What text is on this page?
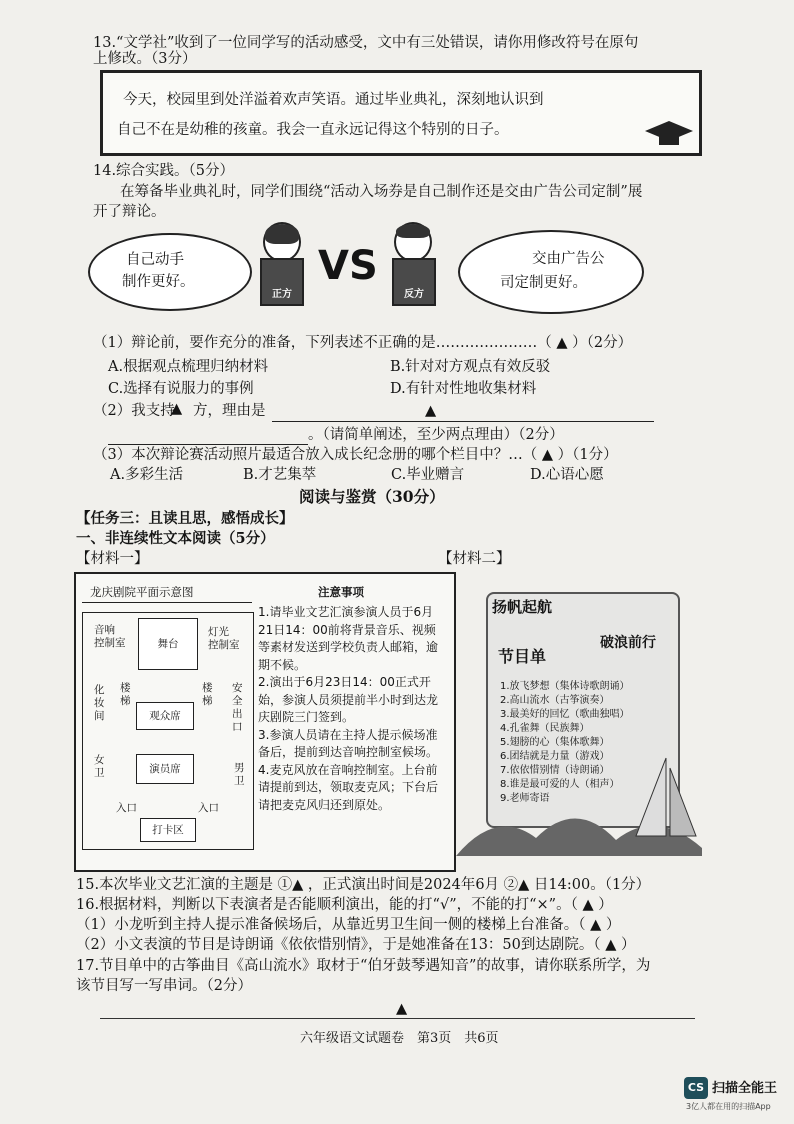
13.“文学社”收到了一位同学写的活动感受，文中有三处错误，请你用修改符号在原句
上修改。（3分）
今天，校园里到处洋溢着欢声笑语。通过毕业典礼，深刻地认识到
自己不在是幼稚的孩童。我会一直永远记得这个特别的日子。
14.综合实践。（5分）
在筹备毕业典礼时，同学们围绕“活动入场券是自己制作还是交由广告公司定制”展
开了辩论。
自己动手
制作更好。
正方
VS
反方
交由广告公
司定制更好。
（1）辩论前，要作充分的准备，下列表述不正确的是…………………（ ▲ ）（2分）
A.根据观点梳理归纳材料	B.针对对方观点有效反驳
C.选择有说服力的事例	D.有针对性地收集材料
（2）我支持
▲ 方，理由是	▲
。（请简单阐述，至少两点理由）（2分）
（3）本次辩论赛活动照片最适合放入成长纪念册的哪个栏目中？…（ ▲ ）（1分）
A.多彩生活	B.才艺集萃	C.毕业赠言	D.心语心愿
阅读与鉴赏（30分）
【任务三：且读且思，感悟成长】
一、非连续性文本阅读（5分）
【材料一】	【材料二】
龙庆剧院平面示意图
舞台
音响
控制室
灯光
控制室
化
妆
间
楼
梯
楼
梯
安
全
出
口
观众席
演员席
女
卫	男
卫
入口	入口
打卡区
注意事项
1.请毕业文艺汇演参演人员于6月21日14：00前将背景音乐、视频等素材发送到学校负责人邮箱，逾期不候。
2.演出于6月23日14：00正式开始，参演人员须提前半小时到达龙庆剧院三门签到。
3.参演人员请在主持人提示候场准备后，提前到达音响控制室候场。
4.麦克风放在音响控制室。上台前请提前到达，领取麦克风；下台后请把麦克风归还到原处。
扬帆起航
破浪前行
节目单
1.放飞梦想（集体诗歌朗诵）
2.高山流水（古筝演奏）
3.最美好的回忆（歌曲独唱）
4.孔雀舞（民族舞）
5.翅膀的心（集体歌舞）
6.团结就是力量（游戏）
7.依依惜别情（诗朗诵）
8.谁是最可爱的人（相声）
9.老师寄语
15.本次毕业文艺汇演的主题是 ①▲ ，正式演出时间是2024年6月 ②▲ 日14:00。（1分）
16.根据材料，判断以下表演者是否能顺利演出，能的打“√”，不能的打“×”。（ ▲ ）
（1）小龙听到主持人提示准备候场后，从靠近男卫生间一侧的楼梯上台准备。（ ▲ ）
（2）小文表演的节目是诗朗诵《依依惜别情》，于是她准备在13：50到达剧院。（ ▲ ）
17.节目单中的古筝曲目《高山流水》取材于“伯牙鼓琴遇知音”的故事，请你联系所学，为
该节目写一写串词。（2分）
▲
六年级语文试题卷　第3页　共6页
CS 扫描全能王
3亿人都在用的扫描App
